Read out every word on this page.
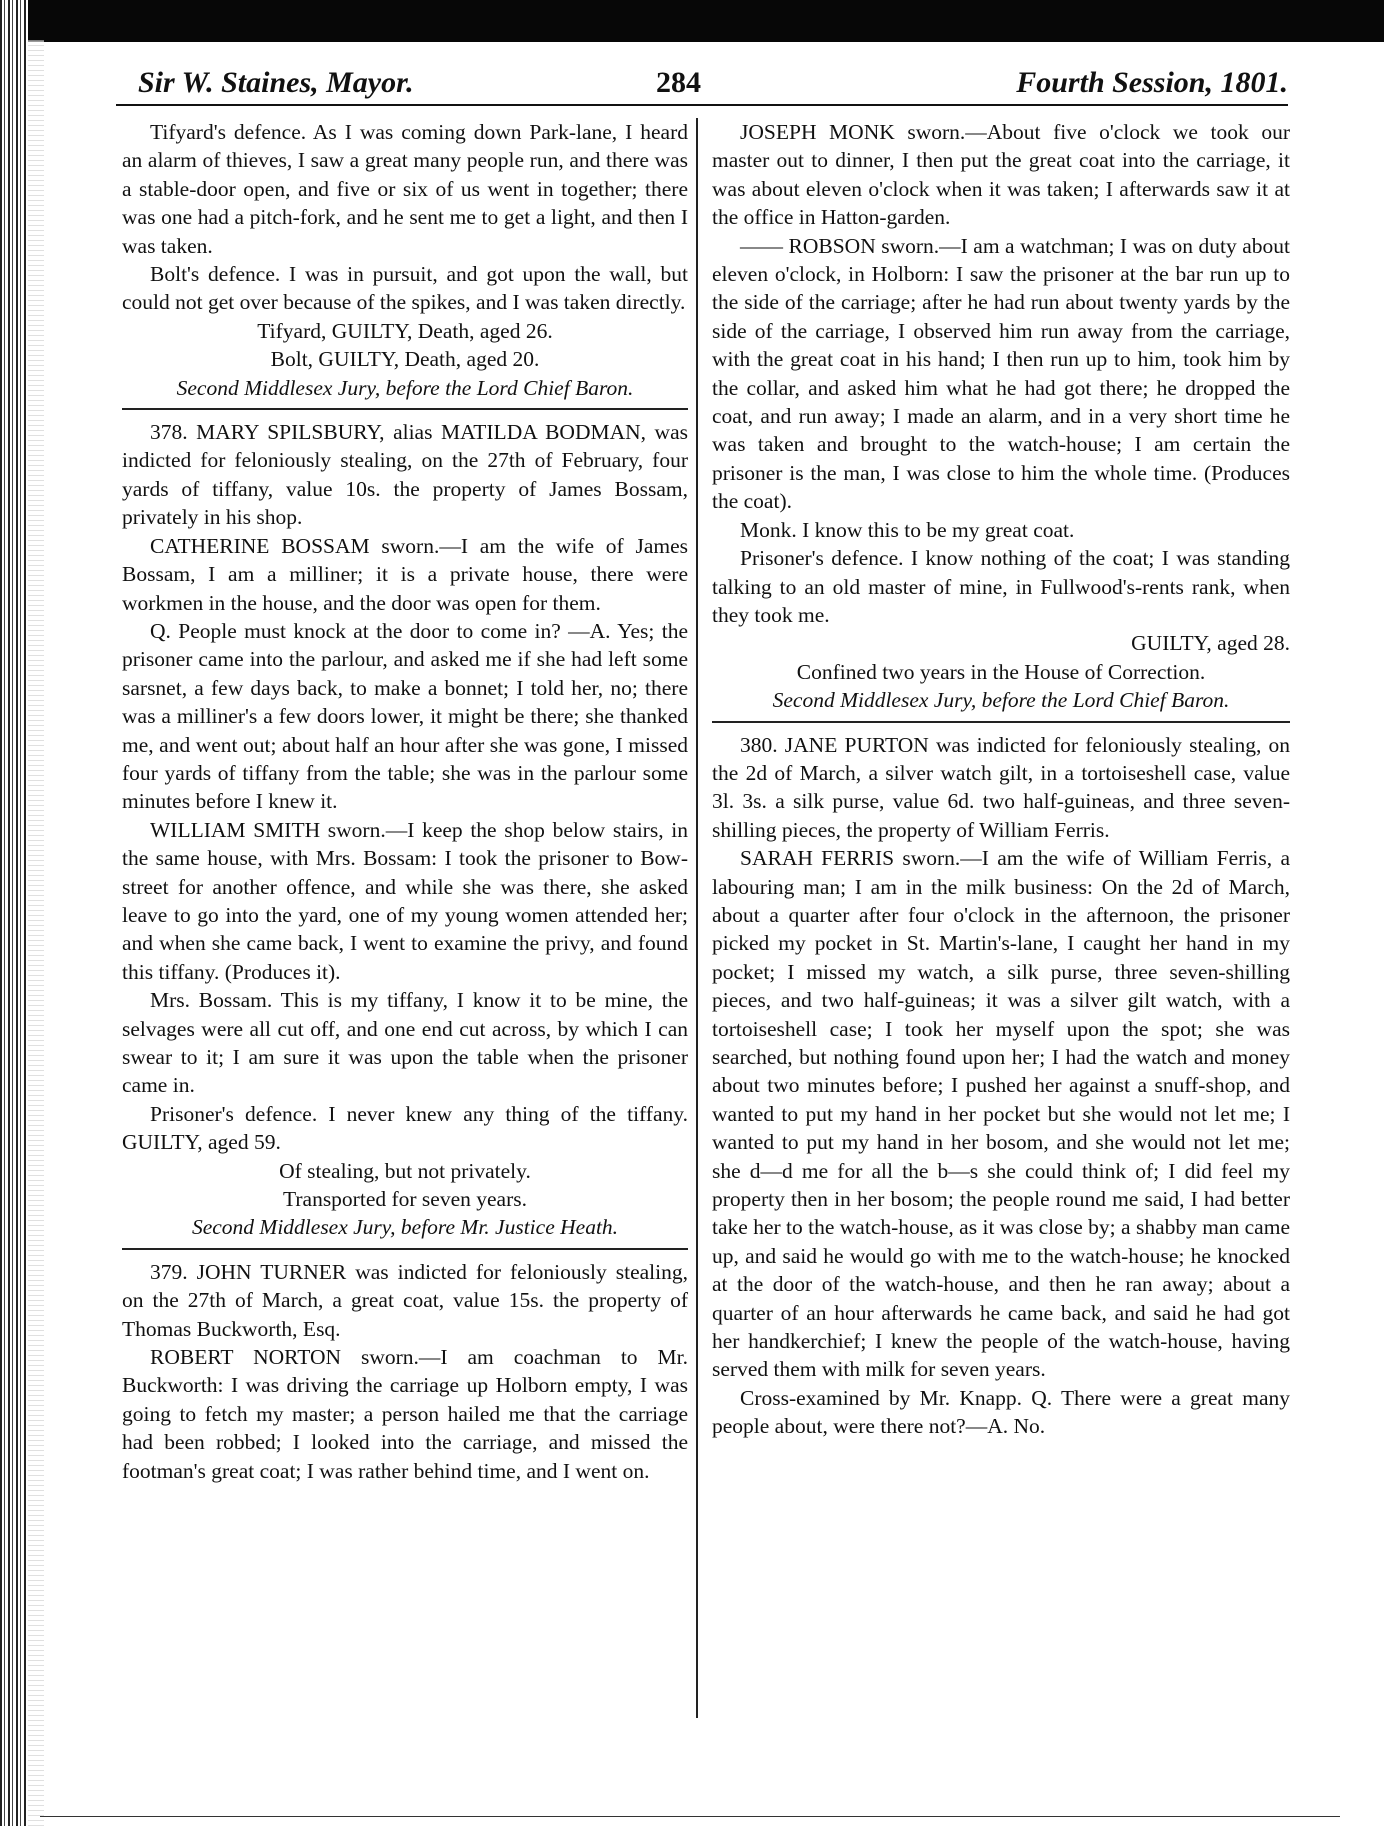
Sir W. Staines, Mayor.	284	Fourth Session, 1801.

Tifyard's defence. As I was coming down Park-lane, I heard an alarm of thieves, I saw a great many people run, and there was a stable-door open, and five or six of us went in together; there was one had a pitch-fork, and he sent me to get a light, and then I was taken.

Bolt's defence. I was in pursuit, and got upon the wall, but could not get over because of the spikes, and I was taken directly.

Tifyard, GUILTY, Death, aged 26.

Bolt, GUILTY, Death, aged 20.

Second Middlesex Jury, before the Lord Chief Baron.

378. MARY SPILSBURY, alias MATILDA BODMAN, was indicted for feloniously stealing, on the 27th of February, four yards of tiffany, value 10s. the property of James Bossam, privately in his shop.

CATHERINE BOSSAM sworn.—I am the wife of James Bossam, I am a milliner; it is a private house, there were workmen in the house, and the door was open for them.

Q. People must knock at the door to come in? —A. Yes; the prisoner came into the parlour, and asked me if she had left some sarsnet, a few days back, to make a bonnet; I told her, no; there was a milliner's a few doors lower, it might be there; she thanked me, and went out; about half an hour after she was gone, I missed four yards of tiffany from the table; she was in the parlour some minutes before I knew it.

WILLIAM SMITH sworn.—I keep the shop below stairs, in the same house, with Mrs. Bossam: I took the prisoner to Bow-street for another offence, and while she was there, she asked leave to go into the yard, one of my young women attended her; and when she came back, I went to examine the privy, and found this tiffany. (Produces it).

Mrs. Bossam. This is my tiffany, I know it to be mine, the selvages were all cut off, and one end cut across, by which I can swear to it; I am sure it was upon the table when the prisoner came in.

Prisoner's defence. I never knew any thing of the tiffany. GUILTY, aged 59.

Of stealing, but not privately.

Transported for seven years.

Second Middlesex Jury, before Mr. Justice Heath.

379. JOHN TURNER was indicted for feloniously stealing, on the 27th of March, a great coat, value 15s. the property of Thomas Buckworth, Esq.

ROBERT NORTON sworn.—I am coachman to Mr. Buckworth: I was driving the carriage up Holborn empty, I was going to fetch my master; a person hailed me that the carriage had been robbed; I looked into the carriage, and missed the footman's great coat; I was rather behind time, and I went on.

JOSEPH MONK sworn.—About five o'clock we took our master out to dinner, I then put the great coat into the carriage, it was about eleven o'clock when it was taken; I afterwards saw it at the office in Hatton-garden.

—— ROBSON sworn.—I am a watchman; I was on duty about eleven o'clock, in Holborn: I saw the prisoner at the bar run up to the side of the carriage; after he had run about twenty yards by the side of the carriage, I observed him run away from the carriage, with the great coat in his hand; I then run up to him, took him by the collar, and asked him what he had got there; he dropped the coat, and run away; I made an alarm, and in a very short time he was taken and brought to the watch-house; I am certain the prisoner is the man, I was close to him the whole time. (Produces the coat).

Monk. I know this to be my great coat.

Prisoner's defence. I know nothing of the coat; I was standing talking to an old master of mine, in Fullwood's-rents rank, when they took me.

GUILTY, aged 28.

Confined two years in the House of Correction.

Second Middlesex Jury, before the Lord Chief Baron.

380. JANE PURTON was indicted for feloniously stealing, on the 2d of March, a silver watch gilt, in a tortoiseshell case, value 3l. 3s. a silk purse, value 6d. two half-guineas, and three seven-shilling pieces, the property of William Ferris.

SARAH FERRIS sworn.—I am the wife of William Ferris, a labouring man; I am in the milk business: On the 2d of March, about a quarter after four o'clock in the afternoon, the prisoner picked my pocket in St. Martin's-lane, I caught her hand in my pocket; I missed my watch, a silk purse, three seven-shilling pieces, and two half-guineas; it was a silver gilt watch, with a tortoiseshell case; I took her myself upon the spot; she was searched, but nothing found upon her; I had the watch and money about two minutes before; I pushed her against a snuff-shop, and wanted to put my hand in her pocket but she would not let me; I wanted to put my hand in her bosom, and she would not let me; she d—d me for all the b—s she could think of; I did feel my property then in her bosom; the people round me said, I had better take her to the watch-house, as it was close by; a shabby man came up, and said he would go with me to the watch-house; he knocked at the door of the watch-house, and then he ran away; about a quarter of an hour afterwards he came back, and said he had got her handkerchief; I knew the people of the watch-house, having served them with milk for seven years.

Cross-examined by Mr. Knapp. Q. There were a great many people about, were there not?—A. No.
